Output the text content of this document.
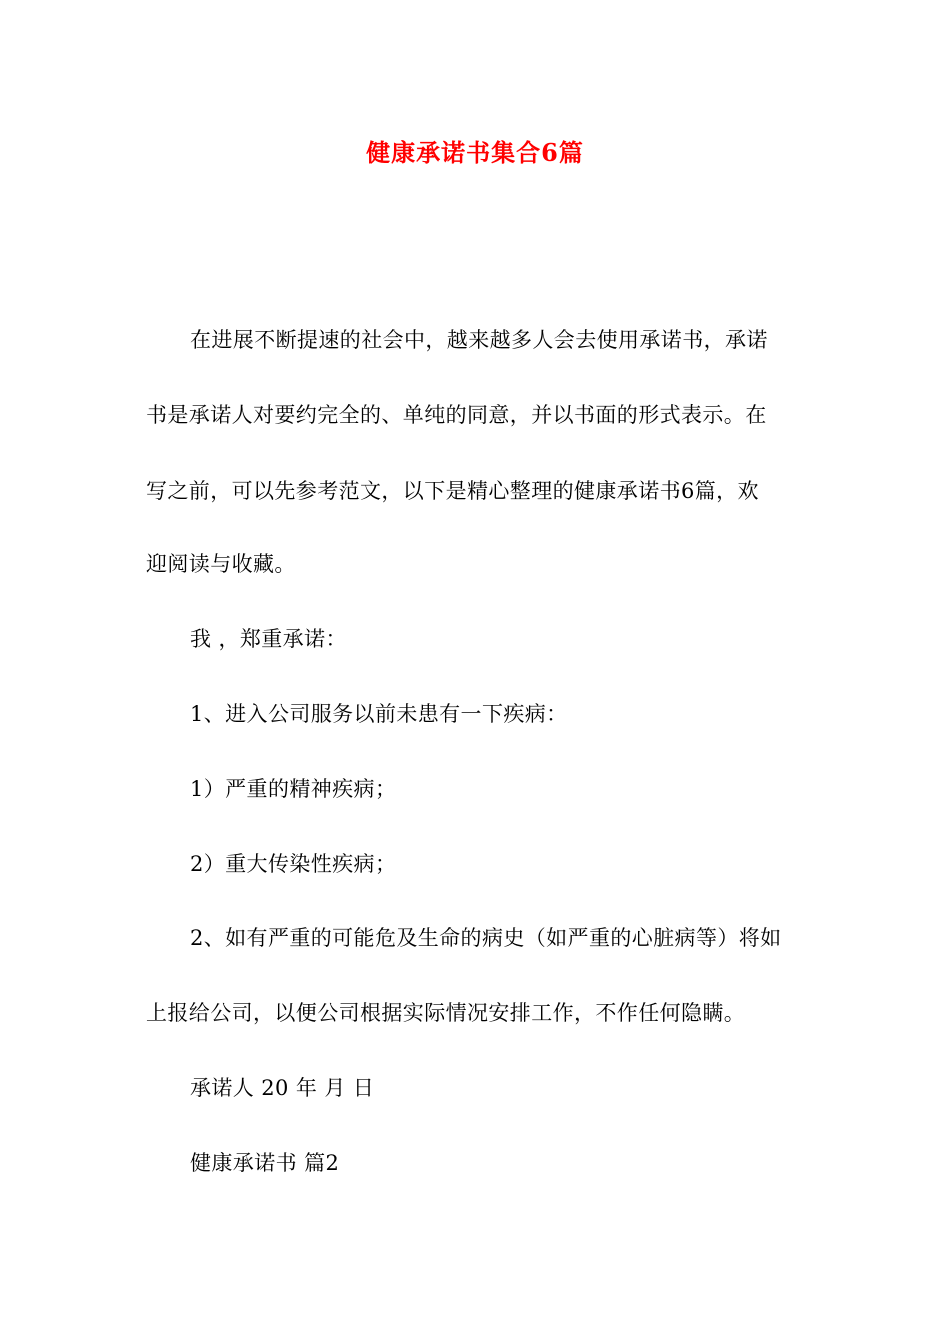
健康承诺书集合6篇
在进展不断提速的社会中，越来越多人会去使用承诺书，承诺
书是承诺人对要约完全的、单纯的同意，并以书面的形式表示。在
写之前，可以先参考范文，以下是精心整理的健康承诺书6篇，欢
迎阅读与收藏。
我 ，郑重承诺：
1、进入公司服务以前未患有一下疾病：
1）严重的精神疾病；
2）重大传染性疾病；
2、如有严重的可能危及生命的病史（如严重的心脏病等）将如
上报给公司，以便公司根据实际情况安排工作，不作任何隐瞒。
承诺人 20 年 月 日
健康承诺书 篇2
